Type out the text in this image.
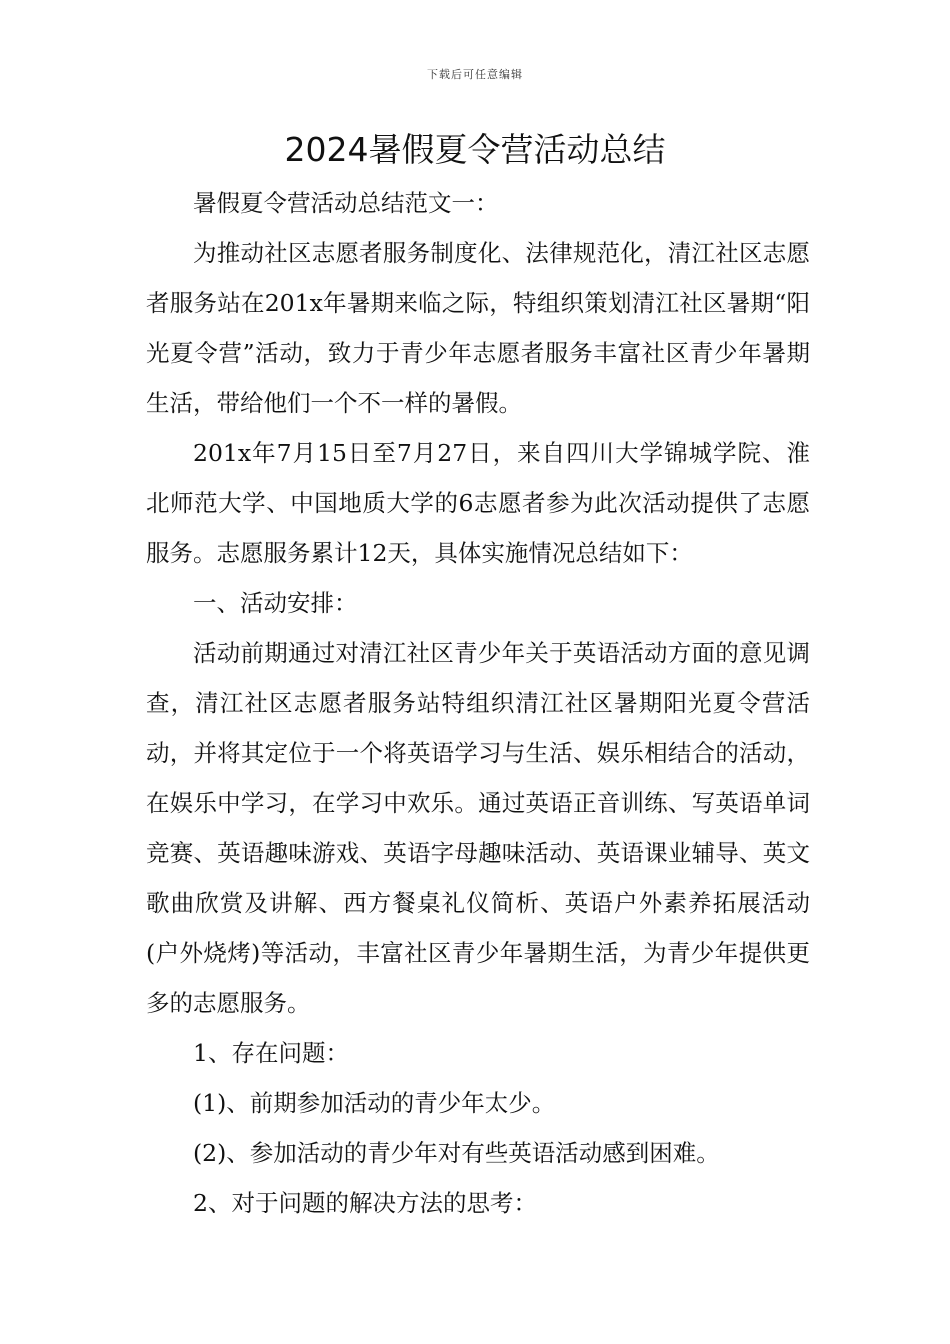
下载后可任意编辑
2024暑假夏令营活动总结

暑假夏令营活动总结范文一：

为推动社区志愿者服务制度化、法律规范化，清江社区志愿者服务站在201x年暑期来临之际，特组织策划清江社区暑期“阳光夏令营”活动，致力于青少年志愿者服务丰富社区青少年暑期生活，带给他们一个不一样的暑假。

201x年7月15日至7月27日，来自四川大学锦城学院、淮北师范大学、中国地质大学的6志愿者参为此次活动提供了志愿服务。志愿服务累计12天，具体实施情况总结如下：

一、活动安排：

活动前期通过对清江社区青少年关于英语活动方面的意见调查，清江社区志愿者服务站特组织清江社区暑期阳光夏令营活动，并将其定位于一个将英语学习与生活、娱乐相结合的活动，在娱乐中学习，在学习中欢乐。通过英语正音训练、写英语单词竞赛、英语趣味游戏、英语字母趣味活动、英语课业辅导、英文歌曲欣赏及讲解、西方餐桌礼仪简析、英语户外素养拓展活动(户外烧烤)等活动，丰富社区青少年暑期生活，为青少年提供更多的志愿服务。

1、存在问题：

(1)、前期参加活动的青少年太少。

(2)、参加活动的青少年对有些英语活动感到困难。

2、对于问题的解决方法的思考：
